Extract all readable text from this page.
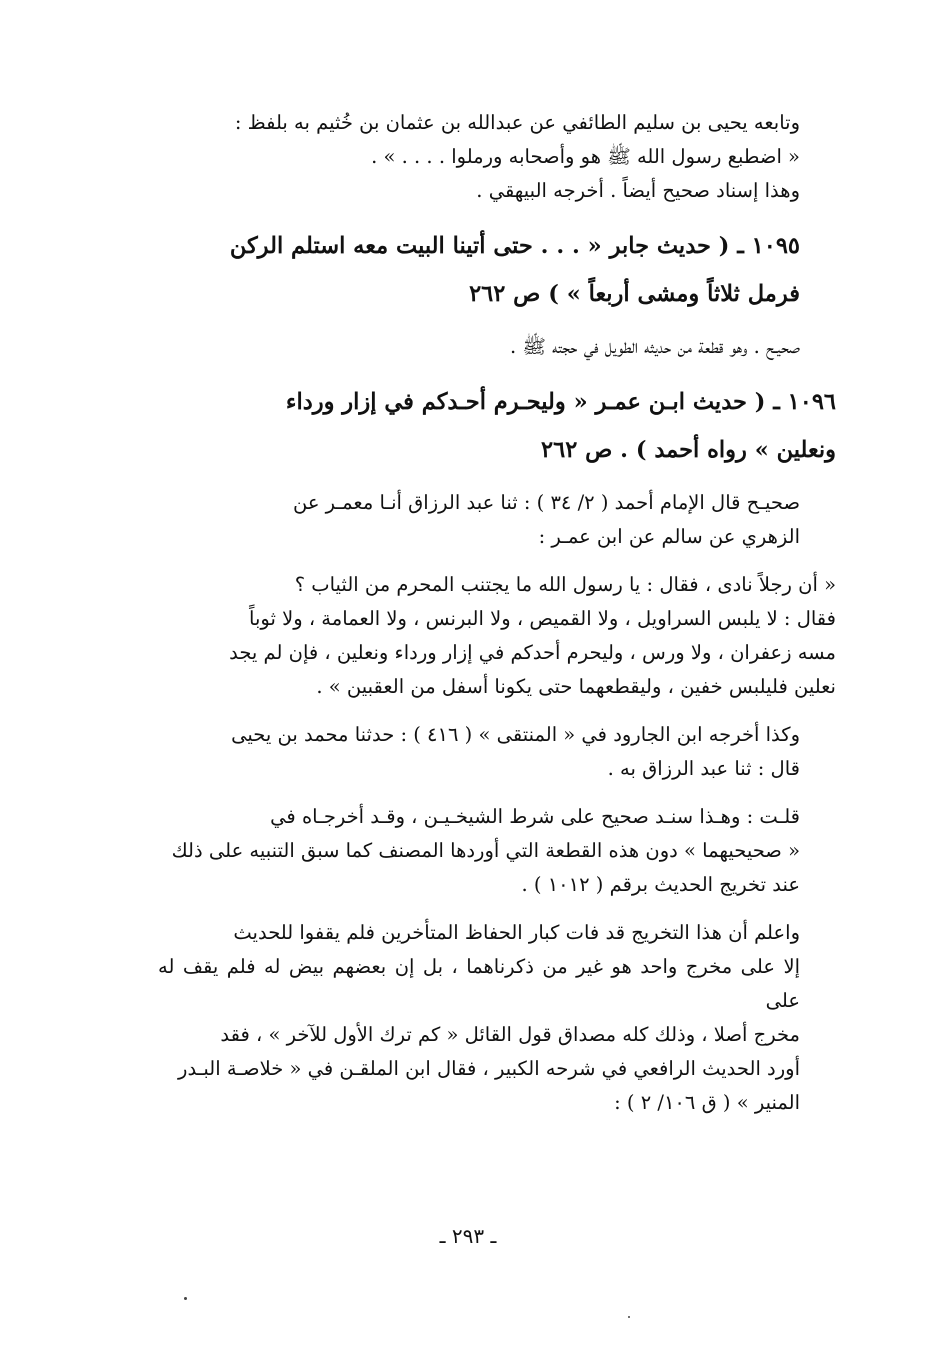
وتابعه يحيى بن سليم الطائفي عن عبدالله بن عثمان بن خُثيم به بلفظ :
« اضطبع رسول الله ﷺ هو وأصحابه ورملوا . . . . » .
وهذا إسناد صحيح أيضاً . أخرجه البيهقي .

١٠٩٥ ـ ( حديث جابر « . . . حتى أتينا البيت معه استلم الركن
فرمل ثلاثاً ومشى أربعاً » ) ص ٢٦٢

صحيـح . وهو قطعة من حديثه الطويل في حجته ﷺ .

١٠٩٦ ـ ( حديث ابـن عمـر « وليحـرم أحـدكم في إزار ورداء
ونعلين » رواه أحمد ) . ص ٢٦٢

صحيـح قال الإمام أحمد ( ٢/ ٣٤ ) : ثنا عبد الرزاق أنـا معمـر عن
الزهري عن سالم عن ابن عمـر :

« أن رجلاً نادى ، فقال : يا رسول الله ما يجتنب المحرم من الثياب ؟
فقال : لا يلبس السراويل ، ولا القميص ، ولا البرنس ، ولا العمامة ، ولا ثوباً
مسه زعفران ، ولا ورس ، وليحرم أحدكم في إزار ورداء ونعلين ، فإن لم يجد
نعلين فليلبس خفين ، وليقطعهما حتى يكونا أسفل من العقبين » .

وكذا أخرجه ابن الجارود في « المنتقى » ( ٤١٦ ) : حدثنا محمد بن يحيى
قال : ثنا عبد الرزاق به .

قلـت : وهـذا سنـد صحيح على شرط الشيخـيـن ، وقـد أخرجـاه في
« صحيحيهما » دون هذه القطعة التي أوردها المصنف كما سبق التنبيه على ذلك
عند تخريج الحديث برقم ( ١٠١٢ ) .

واعلم أن هذا التخريج قد فات كبار الحفاظ المتأخرين فلم يقفوا للحديث
إلا على مخرج واحد هو غير من ذكرناهما ، بل إن بعضهم بيض له فلم يقف له على
مخرج أصلا ، وذلك كله مصداق قول القائل « كم ترك الأول للآخر » ، فقد
أورد الحديث الرافعي في شرحه الكبير ، فقال ابن الملقـن في « خلاصـة البـدر
المنير » ( ق ١٠٦/ ٢ ) :

ـ ٢٩٣ ـ
